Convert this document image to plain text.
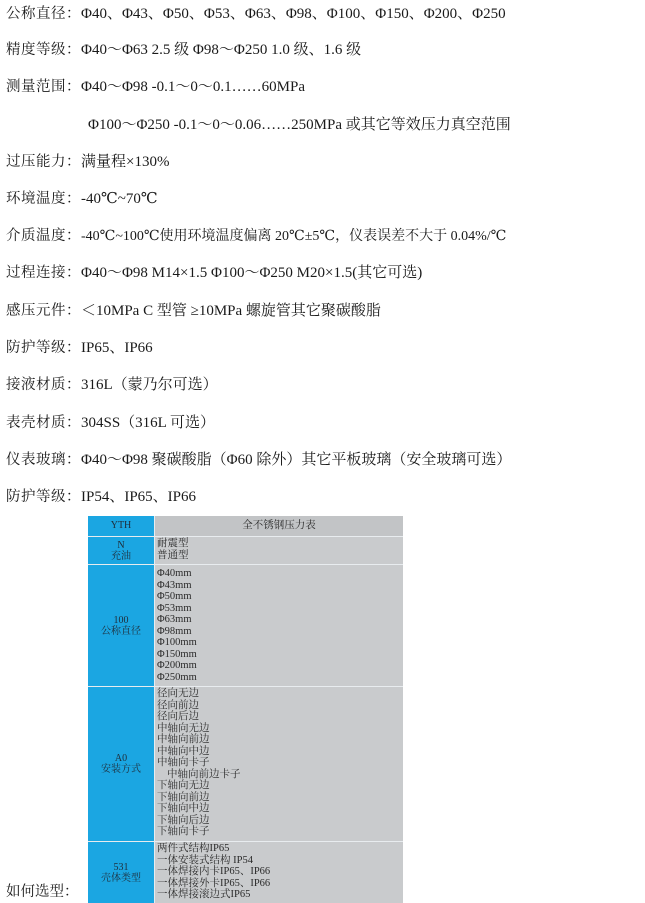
公称直径：Φ40、Φ43、Φ50、Φ53、Φ63、Φ98、Φ100、Φ150、Φ200、Φ250
精度等级：Φ40～Φ63 2.5 级 Φ98～Φ250 1.0 级、1.6 级
测量范围：Φ40～Φ98 -0.1～0～0.1……60MPa
Φ100～Φ250 -0.1～0～0.06……250MPa 或其它等效压力真空范围
过压能力：满量程×130%
环境温度：-40℃~70℃
介质温度：-40℃~100℃使用环境温度偏离 20℃±5℃，仪表误差不大于 0.04%/℃
过程连接：Φ40～Φ98 M14×1.5 Φ100～Φ250 M20×1.5(其它可选)
感压元件：＜10MPa C 型管 ≥10MPa 螺旋管其它聚碳酸脂
防护等级：IP65、IP66
接液材质：316L（蒙乃尔可选）
表壳材质：304SS（316L 可选）
仪表玻璃：Φ40～Φ98 聚碳酸脂（Φ60 除外）其它平板玻璃（安全玻璃可选）
防护等级：IP54、IP65、IP66
如何选型：
YTH	全不锈钢压力表
N
充油
耐震型
普通型
100
公称直径
Φ40mm
Φ43mm
Φ50mm
Φ53mm
Φ63mm
Φ98mm
Φ100mm
Φ150mm
Φ200mm
Φ250mm
A0
安装方式
径向无边
径向前边
径向后边
中轴向无边
中轴向前边
中轴向中边
中轴向卡子
中轴向前边卡子
下轴向无边
下轴向前边
下轴向中边
下轴向后边
下轴向卡子
531
壳体类型
两件式结构IP65
一体安装式结构 IP54
一体焊接内卡IP65、IP66
一体焊接外卡IP65、IP66
一体焊接滚边式IP65
